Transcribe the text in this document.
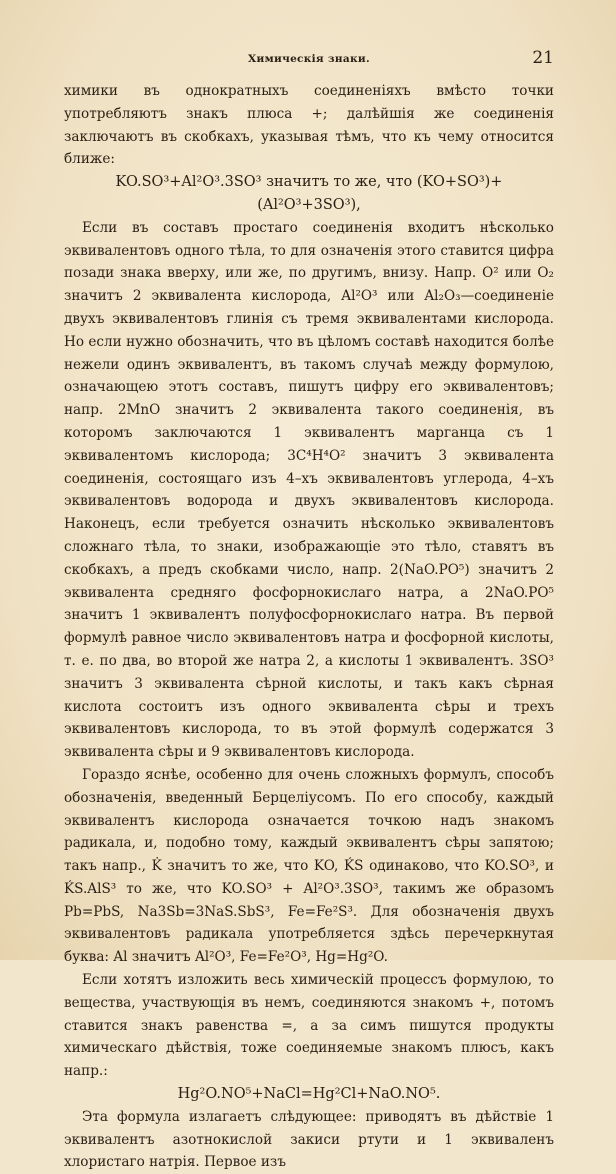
Химическiя знаки.	21

химики въ однократныхъ соединенiяхъ вмѣсто точки употребляютъ знакъ плюса +; далѣйшiя же соединенiя заключаютъ въ скобкахъ, указывая тѣмъ, что къ чему относится ближе:

KO.SO³+Al²O³.3SO³ значитъ то же, что (KO+SO³)+(Al²O³+3SO³),

Если въ составъ простаго соединенiя входитъ нѣсколько эквивалентовъ одного тѣла, то для означенiя этого ставится цифра позади знака вверху, или же, по другимъ, внизу. Напр. O² или O₂ значитъ 2 эквивалента кислорода, Al²O³ или Al₂O₃—соединенiе двухъ эквивалентовъ глинiя съ тремя эквивалентами кислорода. Но если нужно обозначить, что въ цѣломъ составѣ находится болѣе нежели одинъ эквивалентъ, въ такомъ случаѣ между формулою, означающею этотъ составъ, пишутъ цифру его эквивалентовъ; напр. 2MnO значитъ 2 эквивалента такого соединенiя, въ которомъ заключаются 1 эквивалентъ марганца съ 1 эквивалентомъ кислорода; 3C⁴H⁴O² значитъ 3 эквивалента соединенiя, состоящаго изъ 4–хъ эквивалентовъ углерода, 4–хъ эквивалентовъ водорода и двухъ эквивалентовъ кислорода. Наконецъ, если требуется означить нѣсколько эквивалентовъ сложнаго тѣла, то знаки, изображающiе это тѣло, ставятъ въ скобкахъ, а предъ скобками число, напр. 2(NaO.PO⁵) значитъ 2 эквивалента средняго фосфорнокислаго натра, а 2NaO.PO⁵ значитъ 1 эквивалентъ полуфосфорнокислаго натра. Въ первой формулѣ равное число эквивалентовъ натра и фосфорной кислоты, т. е. по два, во второй же натра 2, а кислоты 1 эквивалентъ. 3SO³ значитъ 3 эквивалента сѣрной кислоты, и такъ какъ сѣрная кислота состоитъ изъ одного эквивалента сѣры и трехъ эквивалентовъ кислорода, то въ этой формулѣ содержатся 3 эквивалента сѣры и 9 эквивалентовъ кислорода.

Гораздо яснѣе, особенно для очень сложныхъ формулъ, способъ обозначенiя, введенный Берцелiусомъ. По его способу, каждый эквивалентъ кислорода означается точкою надъ знакомъ радикала, и, подобно тому, каждый эквивалентъ сѣры запятою; такъ напр., K̇ значитъ то же, что KO, K̒S одинаково, что KO.SO³, и K̒S.AlS³ то же, что KO.SO³ + Al²O³.3SO³, такимъ же образомъ Pb=PbS, Na3Sb=3NaS.SbS³, Fe=Fe²S³. Для обозначенiя двухъ эквивалентовъ радикала употребляется здѣсь перечеркнутая буква: Al значитъ Al²O³, Fe=Fe²O³, Hg=Hg²O.

Если хотятъ изложить весь химическiй процессъ формулою, то вещества, участвующiя въ немъ, соединяются знакомъ +, потомъ ставится знакъ равенства =, а за симъ пишутся продукты химическаго дѣйствiя, тоже соединяемые знакомъ плюсъ, какъ напр.:

Hg²O.NO⁵+NaCl=Hg²Cl+NaO.NO⁵.

Эта формула излагаетъ слѣдующее: приводятъ въ дѣйствiе 1 эквивалентъ азотнокислой закиси ртути и 1 эквиваленъ хлористаго натрiя. Первое изъ
